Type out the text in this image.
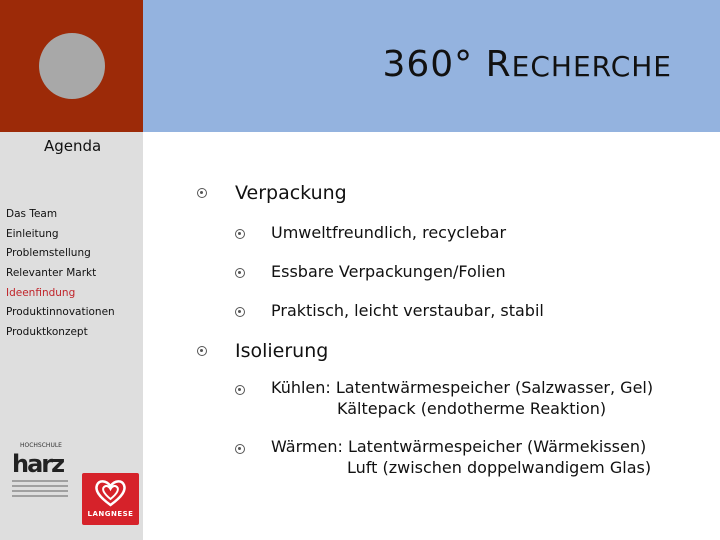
360° RECHERCHE
Agenda
Das Team
Einleitung
Problemstellung
Relevanter Markt
Ideenfindung
Produktinnovationen
Produktkonzept
HOCHSCHULE
harz
LANGNESE
Verpackung
Umweltfreundlich, recyclebar
Essbare Verpackungen/Folien
Praktisch, leicht verstaubar, stabil
Isolierung
Kühlen: Latentwärmespeicher (Salzwasser, Gel)
Kältepack (endotherme Reaktion)
Wärmen: Latentwärmespeicher (Wärmekissen)
Luft (zwischen doppelwandigem Glas)
